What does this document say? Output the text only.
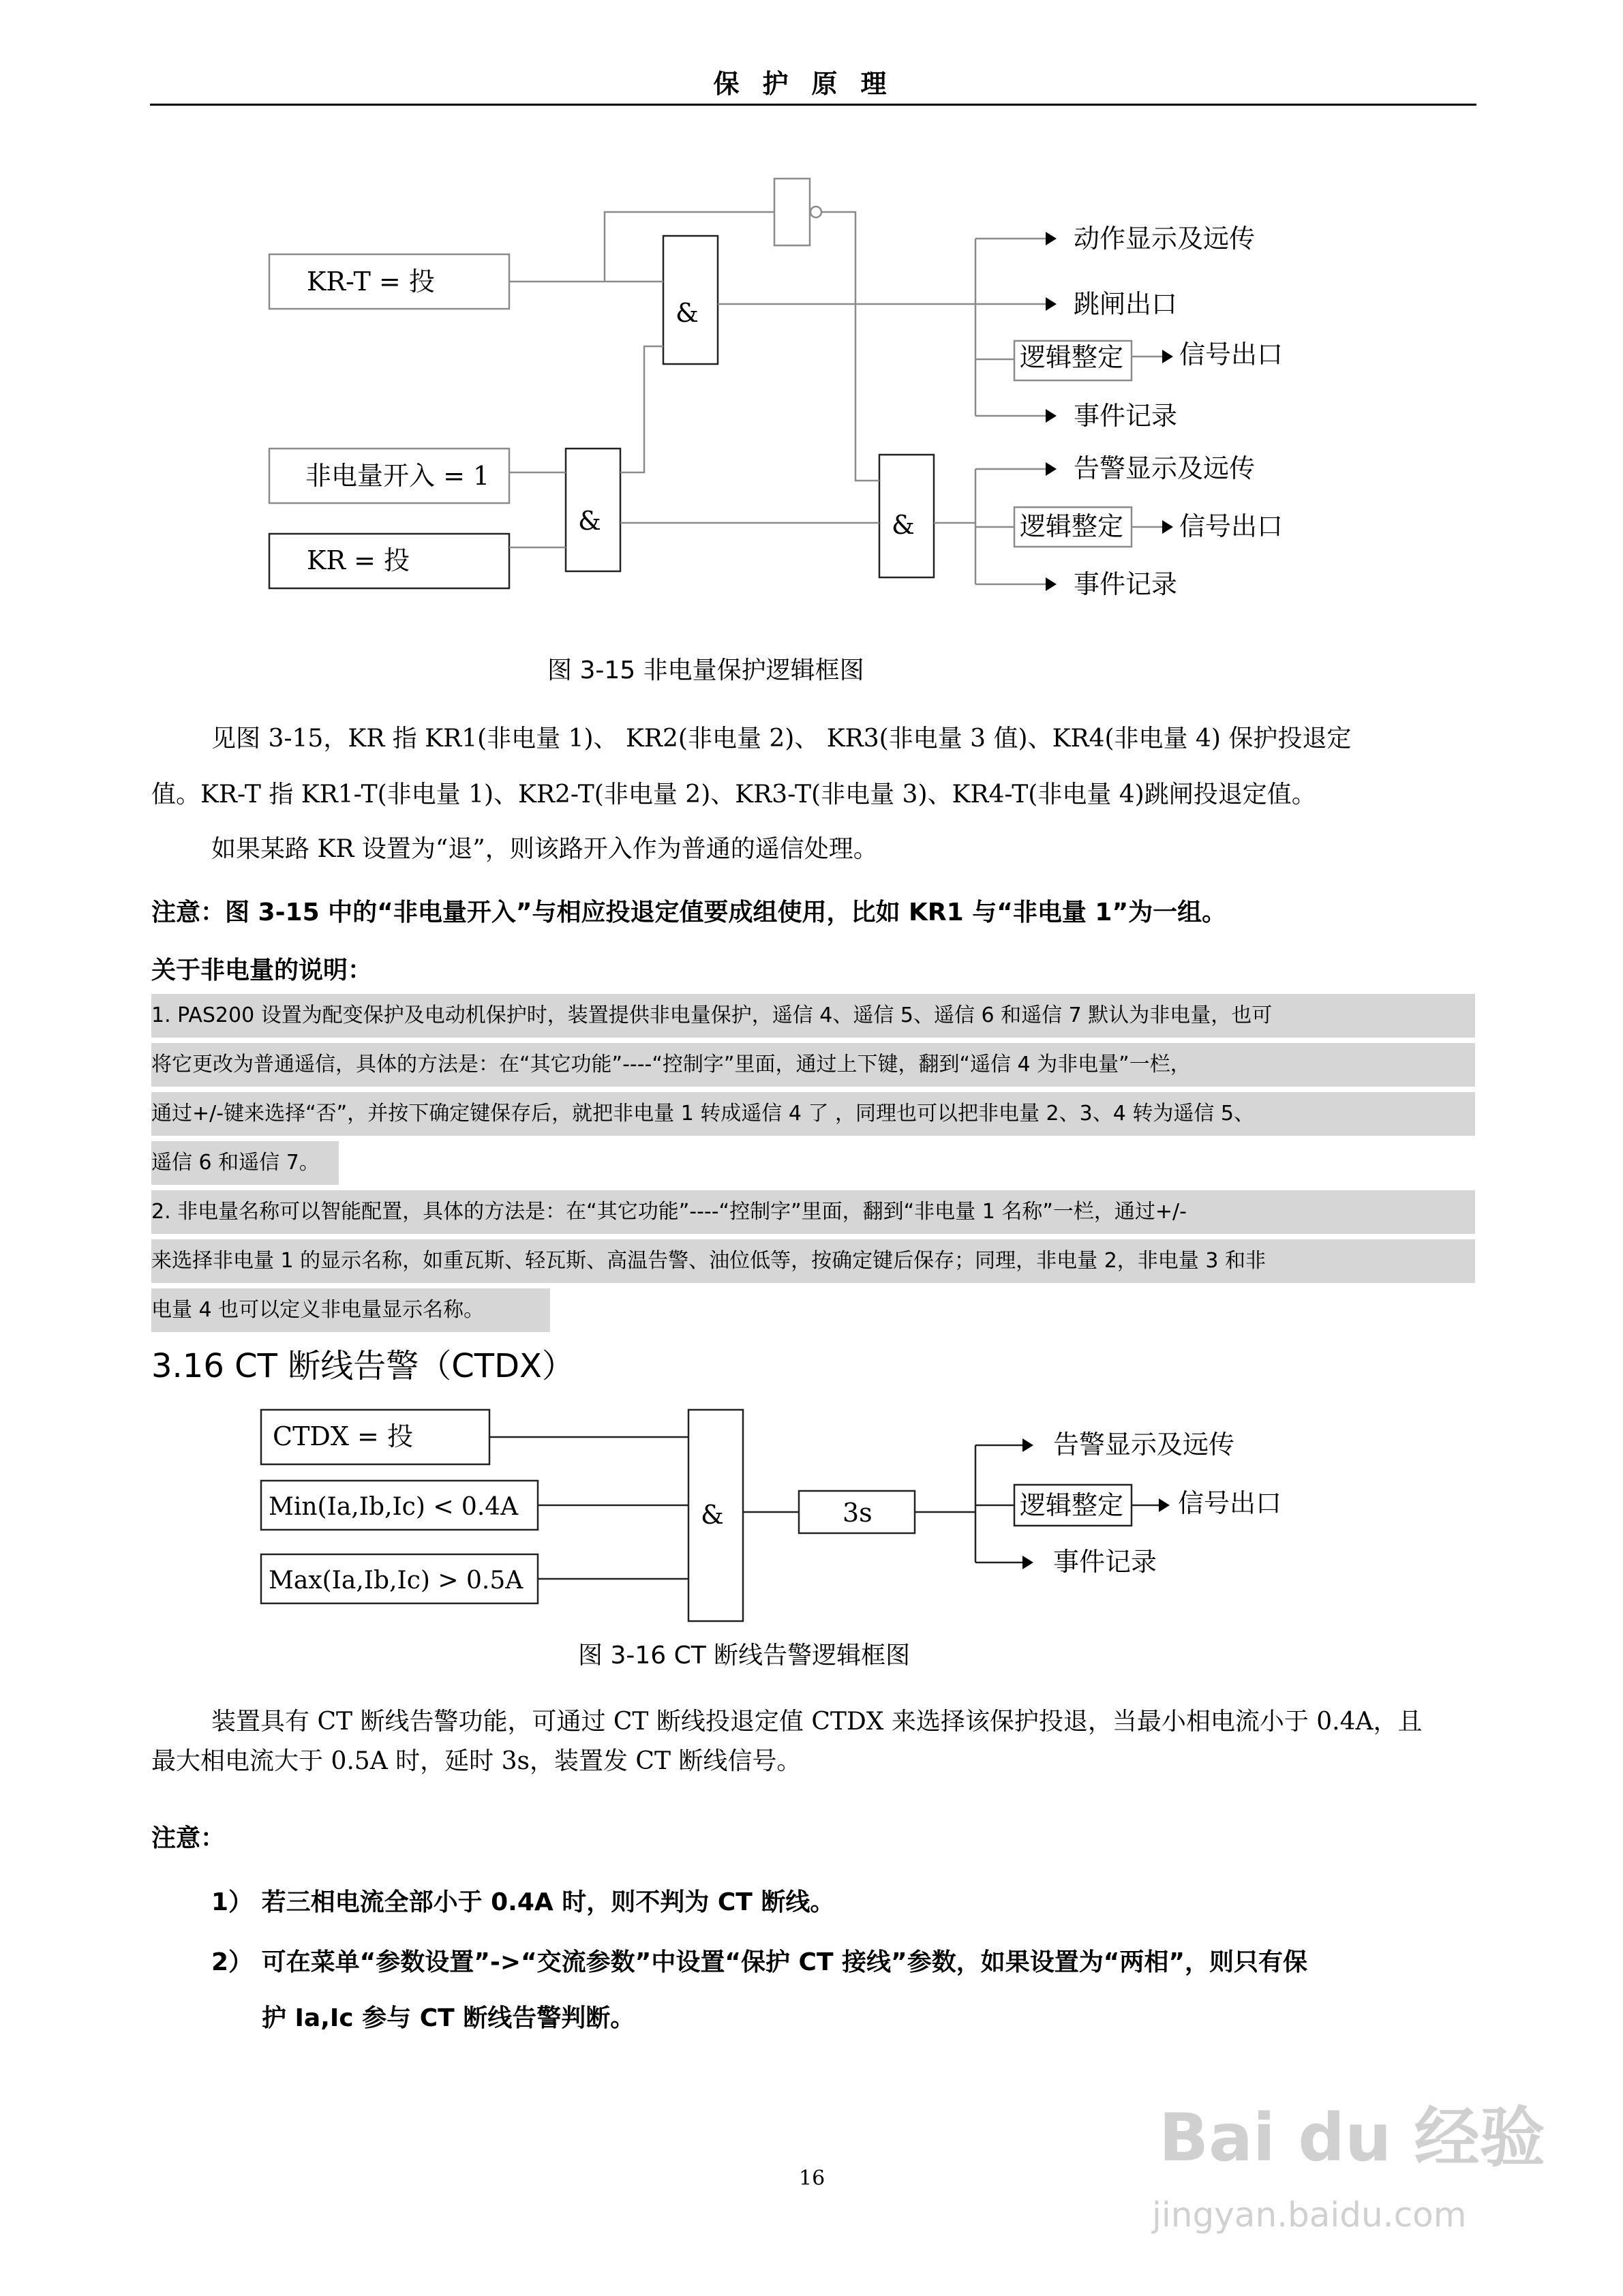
保护原理
KR-T = 投
非电量开入 = 1
KR = 投
&
&	&
动作显示及远传
跳闸出口
逻辑整定 信号出口
事件记录
告警显示及远传
逻辑整定 信号出口
事件记录
图 3-15 非电量保护逻辑框图
见图 3-15，KR 指 KR1(非电量 1)、 KR2(非电量 2)、 KR3(非电量 3 值)、KR4(非电量 4) 保护投退定
值。KR-T 指 KR1-T(非电量 1)、KR2-T(非电量 2)、KR3-T(非电量 3)、KR4-T(非电量 4)跳闸投退定值。
如果某路 KR 设置为“退”，则该路开入作为普通的遥信处理。
注意：图 3-15 中的“非电量开入”与相应投退定值要成组使用，比如 KR1 与“非电量 1”为一组。
关于非电量的说明：
1. PAS200 设置为配变保护及电动机保护时，装置提供非电量保护，遥信 4、遥信 5、遥信 6 和遥信 7 默认为非电量，也可
将它更改为普通遥信，具体的方法是：在“其它功能”----“控制字”里面，通过上下键，翻到“遥信 4 为非电量”一栏，
通过+/-键来选择“否”，并按下确定键保存后，就把非电量 1 转成遥信 4 了 ，同理也可以把非电量 2、3、4 转为遥信 5、
遥信 6 和遥信 7。
2. 非电量名称可以智能配置，具体的方法是：在“其它功能”----“控制字”里面，翻到“非电量 1 名称”一栏，通过+/-
来选择非电量 1 的显示名称，如重瓦斯、轻瓦斯、高温告警、油位低等，按确定键后保存；同理，非电量 2，非电量 3 和非
电量 4 也可以定义非电量显示名称。
3.16 CT 断线告警（CTDX）
CTDX = 投
Min(Ia,Ib,Ic) < 0.4A
Max(Ia,Ib,Ic) > 0.5A
&	3s
告警显示及远传
逻辑整定 信号出口
事件记录
图 3-16 CT 断线告警逻辑框图
装置具有 CT 断线告警功能，可通过 CT 断线投退定值 CTDX 来选择该保护投退，当最小相电流小于 0.4A，且
最大相电流大于 0.5A 时，延时 3s，装置发 CT 断线信号。
注意：
1） 若三相电流全部小于 0.4A 时，则不判为 CT 断线。
2） 可在菜单“参数设置”->“交流参数”中设置“保护 CT 接线”参数，如果设置为“两相”，则只有保
护 Ia,Ic 参与 CT 断线告警判断。
16
Bai du 经验
jingyan.baidu.com
